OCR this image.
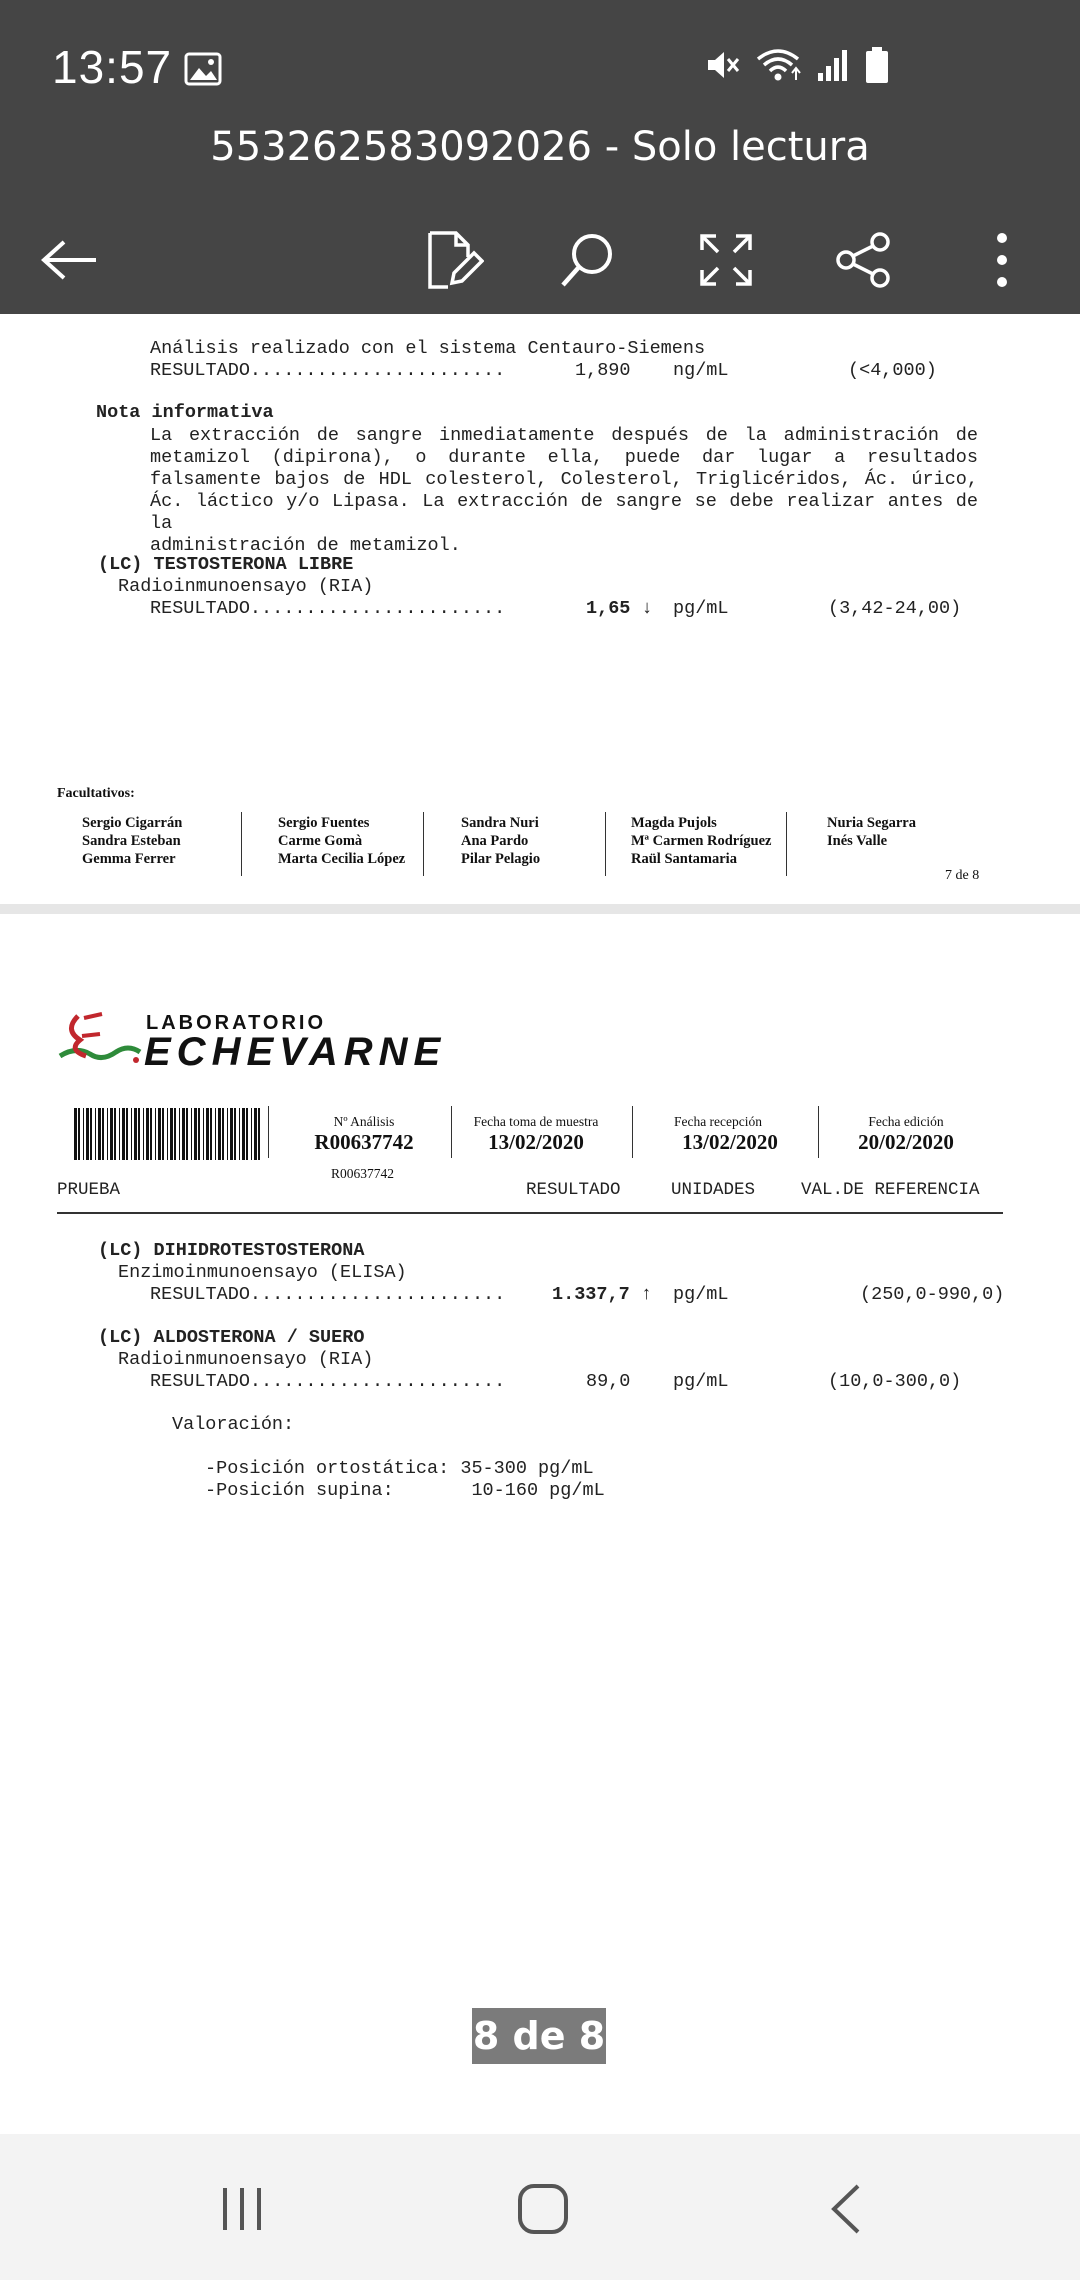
13:57
553262583092026 - Solo lectura
Análisis realizado con el sistema Centauro-Siemens
RESULTADO.......................	1,890 ng/mL	(<4,000)
Nota informativa
La extracción de sangre inmediatamente después de la administración de
metamizol (dipirona), o durante ella, puede dar lugar a resultados
falsamente bajos de HDL colesterol, Colesterol, Triglicéridos, Ác. úrico,
Ác. láctico y/o Lipasa. La extracción de sangre se debe realizar antes de la
administración de metamizol.
(LC) TESTOSTERONA LIBRE
Radioinmunoensayo (RIA)
RESULTADO.......................	1,65 ↓ pg/mL	(3,42-24,00)
Facultativos:
Sergio Cigarrán
Sandra Esteban
Gemma Ferrer
Sergio Fuentes
Carme Gomà
Marta Cecilia López
Sandra Nuri
Ana Pardo
Pilar Pelagio
Magda Pujols
Mª Carmen Rodríguez
Raül Santamaria
Nuria Segarra
Inés Valle
7 de 8
LABORATORIO
ECHEVARNE
R00637742
Nº Análisis
R00637742
Fecha toma de muestra
13/02/2020
Fecha recepción
13/02/2020
Fecha edición
20/02/2020
PRUEBA	RESULTADO	UNIDADES	VAL.DE REFERENCIA
(LC) DIHIDROTESTOSTERONA
Enzimoinmunoensayo (ELISA)
RESULTADO.......................	1.337,7 ↑ pg/mL	(250,0-990,0)
(LC) ALDOSTERONA / SUERO
Radioinmunoensayo (RIA)
RESULTADO.......................	89,0 pg/mL	(10,0-300,0)
Valoración:
-Posición ortostática: 35-300 pg/mL
-Posición supina:       10-160 pg/mL
8 de 8
